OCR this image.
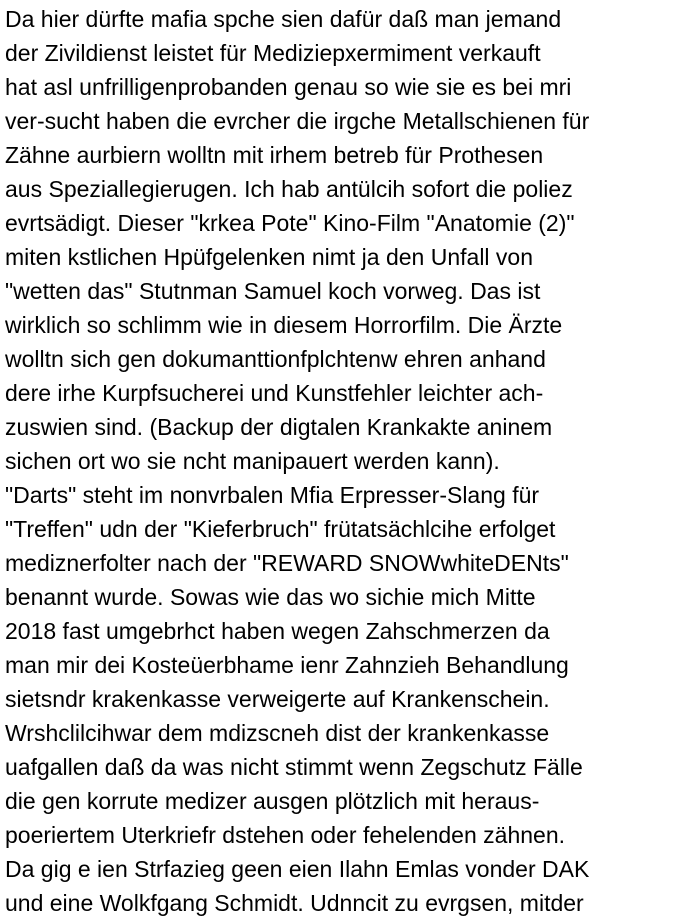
Da hier dürfte mafia spche sien dafür daß man jemand
der Zivildienst leistet für Mediziepxermiment verkauft
hat asl unfrilligenprobanden genau so wie sie es bei mri
ver-sucht haben die evrcher die irgche Metallschienen für
Zähne aurbiern wolltn mit irhem betreb für Prothesen
aus Speziallegierugen. Ich hab antülcih sofort die poliez
evrtsädigt. Dieser "krkea Pote" Kino-Film "Anatomie (2)"
miten kstlichen Hpüfgelenken nimt ja den Unfall von
"wetten das" Stutnman Samuel koch vorweg. Das ist
wirklich so schlimm wie in diesem Horrorfilm. Die Ärzte
wolltn sich gen dokumanttionfplchtenw ehren anhand
dere irhe Kurpfsucherei und Kunstfehler leichter ach-
zuswien sind. (Backup der digtalen Krankakte aninem
sichen ort wo sie ncht manipauert werden kann).
"Darts" steht im nonvrbalen Mfia Erpresser-Slang für
"Treffen" udn der "Kieferbruch" frütatsächlcihe erfolget
mediznerfolter nach der "REWARD SNOWwhiteDENts"
benannt wurde. Sowas wie das wo sichie mich Mitte
2018 fast umgebrhct haben wegen Zahschmerzen da
man mir dei Kosteüerbhame ienr Zahnzieh Behandlung
sietsndr krakenkasse verweigerte auf Krankenschein.
Wrshclilcihwar dem mdizscneh dist der krankenkasse
uafgallen daß da was nicht stimmt wenn Zegschutz Fälle
die gen korrute medizer ausgen plötzlich mit heraus-
poeriertem Uterkriefr dstehen oder fehelenden zähnen.
Da gig e ien Strfazieg geen eien Ilahn Emlas vonder DAK
und eine Wolkfgang Schmidt. Udnncit zu evrgsen, mitder
